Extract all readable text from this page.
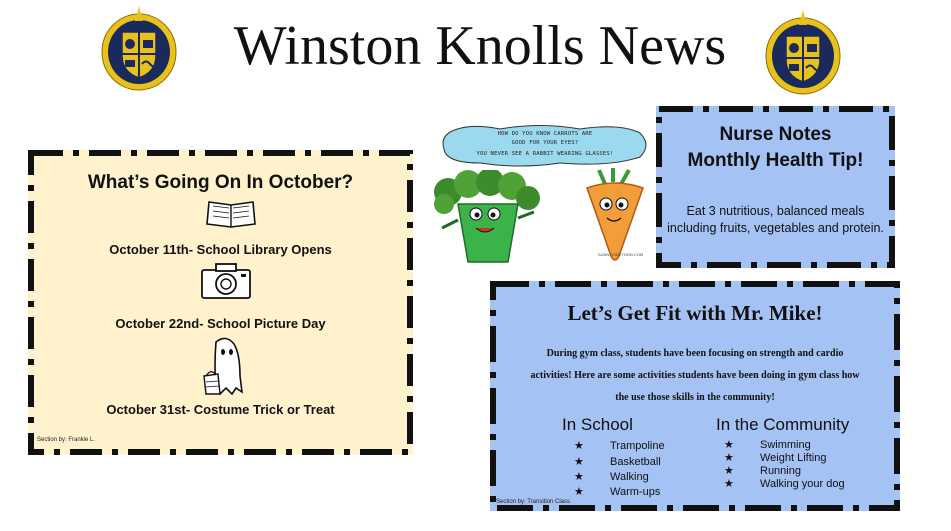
Winston Knolls News
What’s Going On In October?
October 11th- School Library Opens
October 22nd- School Picture Day
October 31st- Costume Trick or Treat
Section by: Frankie L.
HOW DO YOU KNOW CARROTS ARE
GOOD FOR YOUR EYES?
YOU NEVER SEE A RABBIT WEARING GLASSES!
SUNNYSIDETOON.COM
Nurse Notes
Monthly Health Tip!

Eat 3 nutritious, balanced meals including fruits, vegetables and protein.

Let’s Get Fit with Mr. Mike!

During gym class, students have been focusing on strength and cardio activities! Here are some activities students have been doing in gym class how the use those skills in the community!

In School
★ Trampoline
★ Basketball
★ Walking
★ Warm-ups
In the Community
★ Swimming
★ Weight Lifting
★ Running
★ Walking your dog
Section by: Transition Class
